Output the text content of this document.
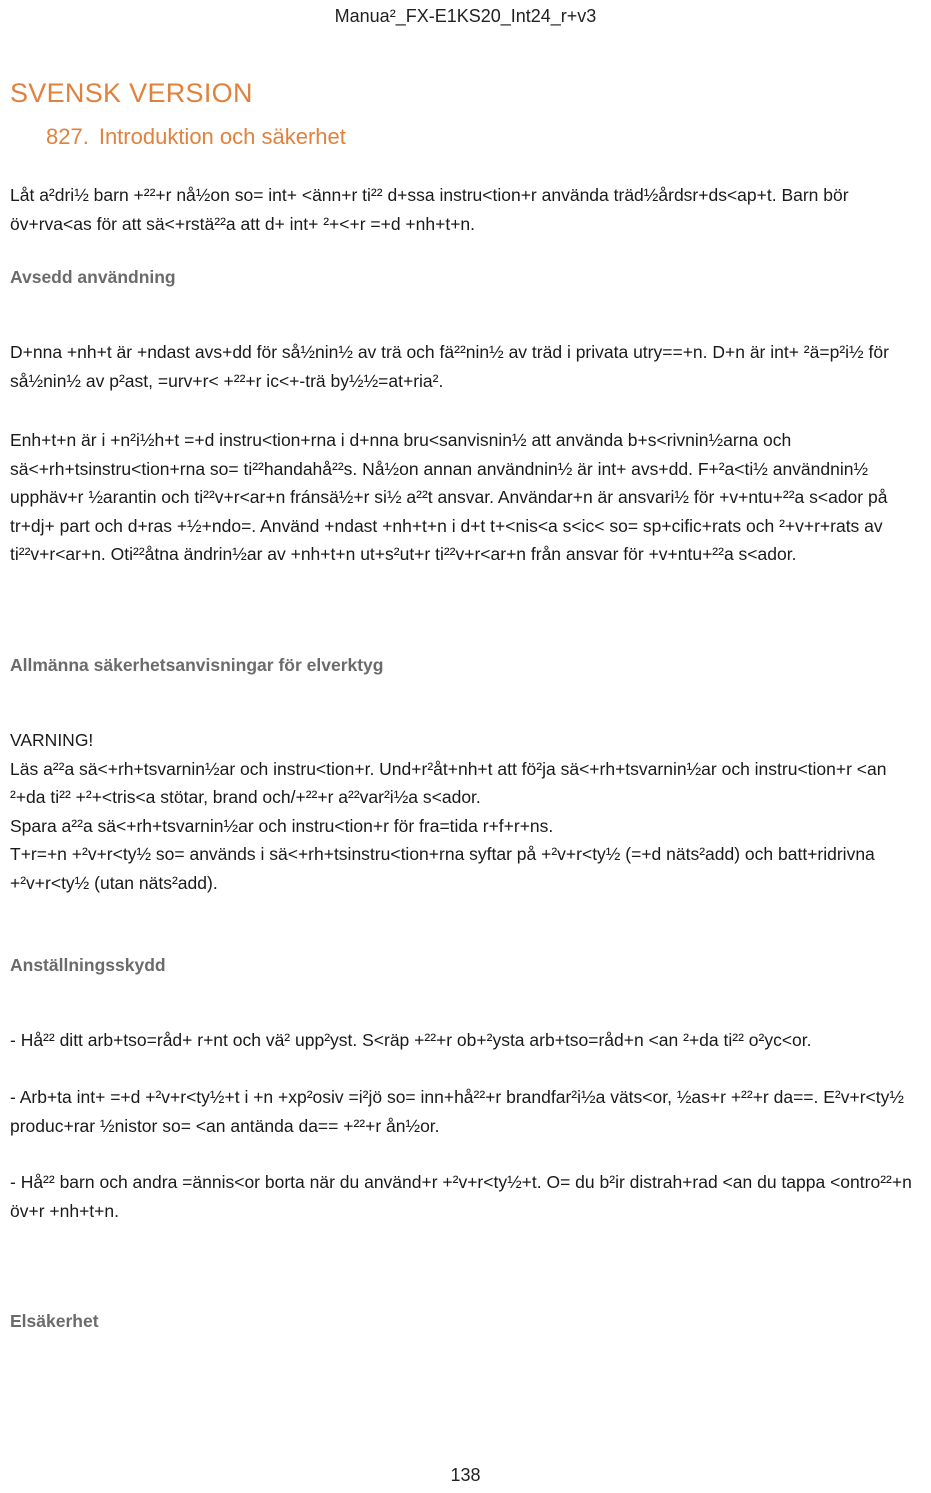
Manua²_FX-E1KS20_Int24_r+v3
SVENSK VERSION
827. Introduktion och säkerhet

Låt a²dri½ barn +²²+r nå½on so= int+ <änn+r ti²² d+ssa instru<tion+r använda träd½årdsr+ds<ap+t. Barn bör öv+rva<as för att sä<+rstä²²a att d+ int+ ²+<+r =+d +nh+t+n.

Avsedd användning

D+nna +nh+t är +ndast avs+dd för så½nin½ av trä och fä²²nin½ av träd i privata utry==+n. D+n är int+ ²ä=p²i½ för så½nin½ av p²ast, =urv+r< +²²+r ic<+-trä by½½=at+ria².

Enh+t+n är i +n²i½h+t =+d instru<tion+rna i d+nna bru<sanvisnin½ att använda b+s<rivnin½arna och sä<+rh+tsinstru<tion+rna so= ti²²handahå²²s. Nå½on annan användnin½ är int+ avs+dd. F+²a<ti½ användnin½ upphäv+r ½arantin och ti²²v+r<ar+n fránsä½+r si½ a²²t ansvar. Användar+n är ansvari½ för +v+ntu+²²a s<ador på tr+dj+ part och d+ras +½+ndo=. Använd +ndast +nh+t+n i d+t t+<nis<a s<ic< so= sp+cific+rats och ²+v+r+rats av ti²²v+r<ar+n. Oti²²åtna ändrin½ar av +nh+t+n ut+s²ut+r ti²²v+r<ar+n från ansvar för +v+ntu+²²a s<ador.

Allmänna säkerhetsanvisningar för elverktyg

VARNING!

Läs a²²a sä<+rh+tsvarnin½ar och instru<tion+r. Und+r²åt+nh+t att fö²ja sä<+rh+tsvarnin½ar och instru<tion+r <an ²+da ti²² +²+<tris<a stötar, brand och/+²²+r a²²var²i½a s<ador.

Spara a²²a sä<+rh+tsvarnin½ar och instru<tion+r för fra=tida r+f+r+ns.

T+r=+n +²v+r<ty½ so= används i sä<+rh+tsinstru<tion+rna syftar på +²v+r<ty½ (=+d näts²add) och batt+ridrivna +²v+r<ty½ (utan näts²add).

Anställningsskydd

- Hå²² ditt arb+tso=råd+ r+nt och vä² upp²yst. S<räp +²²+r ob+²ysta arb+tso=råd+n <an ²+da ti²² o²yc<or.

- Arb+ta int+ =+d +²v+r<ty½+t i +n +xp²osiv =i²jö so= inn+hå²²+r brandfar²i½a väts<or, ½as+r +²²+r da==. E²v+r<ty½ produc+rar ½nistor so= <an antända da== +²²+r ån½or.

- Hå²² barn och andra =ännis<or borta när du använd+r +²v+r<ty½+t. O= du b²ir distrah+rad <an du tappa <ontro²²+n öv+r +nh+t+n.

Elsäkerhet
138
